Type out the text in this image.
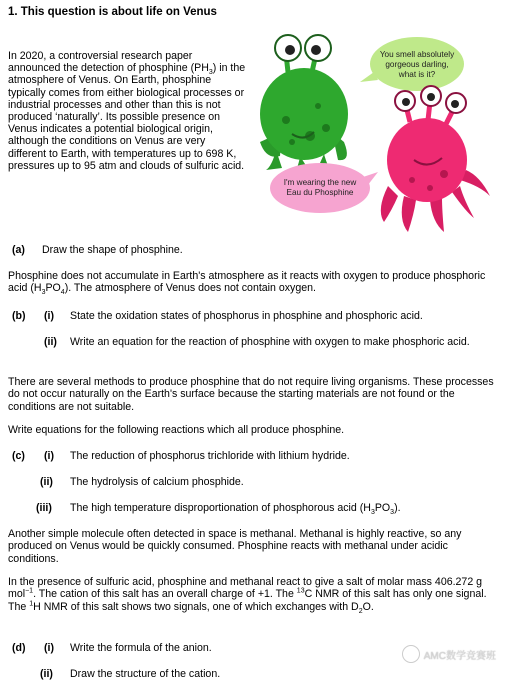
1. This question is about life on Venus
In 2020, a controversial research paper announced the detection of phosphine $(PH_3)$ in the atmosphere of Venus. On Earth, phosphine typically comes from either biological processes or industrial processes and other than this is not produced ‘naturally’. Its possible presence on Venus indicates a potential biological origin, although the conditions on Venus are very different to Earth, with temperatures up to 698 K, pressures up to 95 atm and clouds of sulfuric acid.
You smell absolutely
gorgeous darling,
what is it?
I'm wearing the new
Eau du Phosphine
(a) Draw the shape of phosphine.
Phosphine does not accumulate in Earth's atmosphere as it reacts with oxygen to produce phosphoric acid $(H_3PO_4)$. The atmosphere of Venus does not contain oxygen.
(b) (i) State the oxidation states of phosphorus in phosphine and phosphoric acid.
(ii) Write an equation for the reaction of phosphine with oxygen to make phosphoric acid.
There are several methods to produce phosphine that do not require living organisms. These processes do not occur naturally on the Earth's surface because the starting materials are not found or the conditions are not suitable.
Write equations for the following reactions which all produce phosphine.
(c) (i) The reduction of phosphorus trichloride with lithium hydride.
(ii) The hydrolysis of calcium phosphide.
(iii) The high temperature disproportionation of phosphorous acid $(H_3PO_3)$.
Another simple molecule often detected in space is methanal. Methanal is highly reactive, so any produced on Venus would be quickly consumed. Phosphine reacts with methanal under acidic conditions.
In the presence of sulfuric acid, phosphine and methanal react to give a salt of molar mass 406.272 g mol$^{-1}$. The cation of this salt has an overall charge of +1. The $^{13}$C NMR of this salt has only one signal. The $^1$H NMR of this salt shows two signals, one of which exchanges with $D_2O$.
(d) (i) Write the formula of the anion.
(ii) Draw the structure of the cation.
AMC数学竞赛班
